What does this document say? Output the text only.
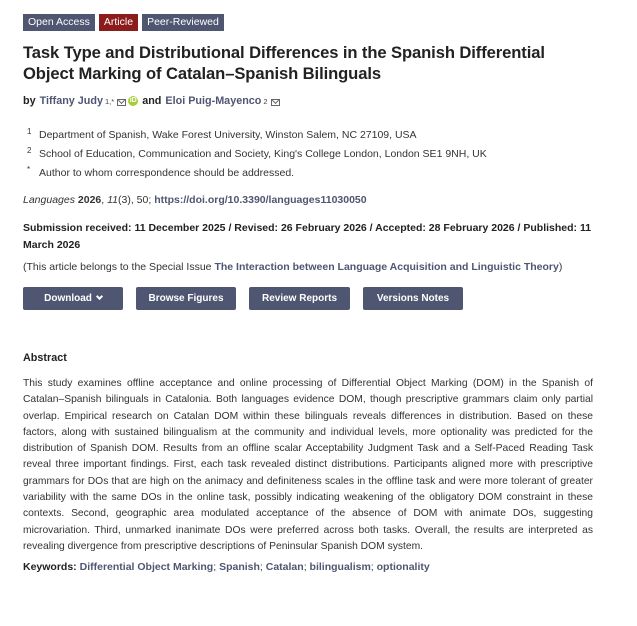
Open Access	Article	Peer-Reviewed
Task Type and Distributional Differences in the Spanish Differential Object Marking of Catalan–Spanish Bilinguals
by Tiffany Judy 1,* iD and Eloi Puig-Mayenco 2
1 Department of Spanish, Wake Forest University, Winston Salem, NC 27109, USA
2 School of Education, Communication and Society, King's College London, London SE1 9NH, UK
* Author to whom correspondence should be addressed.
Languages 2026, 11(3), 50; https://doi.org/10.3390/languages11030050
Submission received: 11 December 2025 / Revised: 26 February 2026 / Accepted: 28 February 2026 / Published: 11 March 2026
(This article belongs to the Special Issue The Interaction between Language Acquisition and Linguistic Theory)
Download	Browse Figures	Review Reports	Versions Notes
Abstract

This study examines offline acceptance and online processing of Differential Object Marking (DOM) in the Spanish of Catalan–Spanish bilinguals in Catalonia. Both languages evidence DOM, though prescriptive grammars claim only partial overlap. Empirical research on Catalan DOM within these bilinguals reveals differences in distribution. Based on these factors, along with sustained bilingualism at the community and individual levels, more optionality was predicted for the distribution of Spanish DOM. Results from an offline scalar Acceptability Judgment Task and a Self-Paced Reading Task reveal three important findings. First, each task revealed distinct distributions. Participants aligned more with prescriptive grammars for DOs that are high on the animacy and definiteness scales in the offline task and were more tolerant of greater variability with the same DOs in the online task, possibly indicating weakening of the obligatory DOM constraint in these contexts. Second, geographic area modulated acceptance of the absence of DOM with animate DOs, suggesting microvariation. Third, unmarked inanimate DOs were preferred across both tasks. Overall, the results are interpreted as revealing divergence from prescriptive descriptions of Peninsular Spanish DOM system.

Keywords: Differential Object Marking; Spanish; Catalan; bilingualism; optionality
